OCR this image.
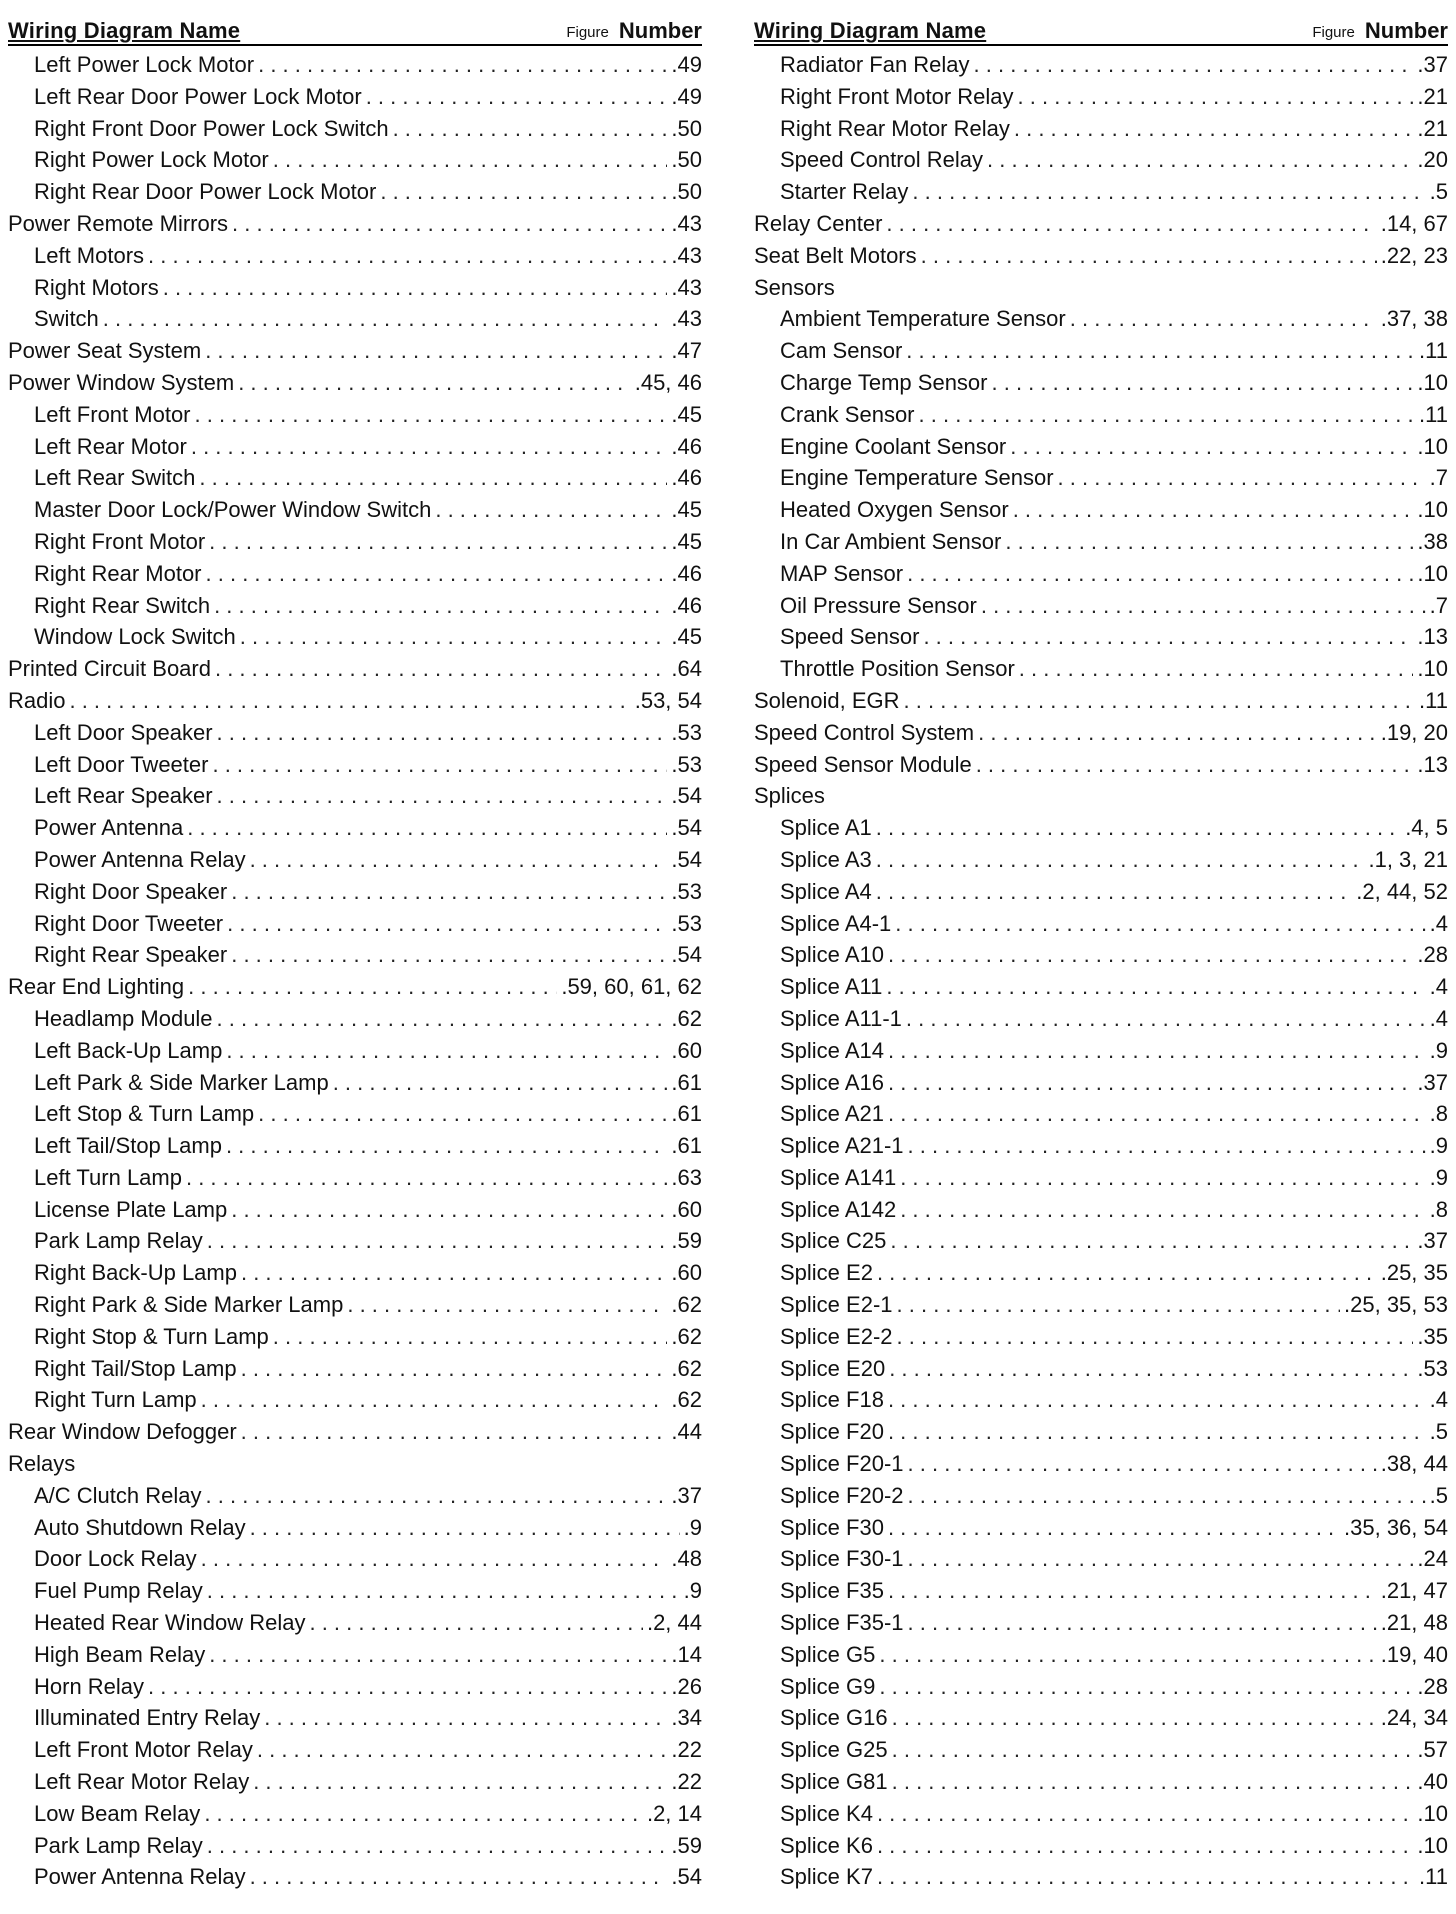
Wiring Diagram Name	Figure Number
Left Power Lock Motor . . .	.49
Left Rear Door Power Lock Motor . . .	.49
Right Front Door Power Lock Switch . . .	.50
Right Power Lock Motor . . .	.50
Right Rear Door Power Lock Motor . . .	.50
Power Remote Mirrors . . .	.43
Left Motors . . .	.43
Right Motors . . .	.43
Switch . . .	.43
Power Seat System . . .	.47
Power Window System . . .	.45, 46
Left Front Motor . . .	.45
Left Rear Motor . . .	.46
Left Rear Switch . . .	.46
Master Door Lock/Power Window Switch . . .	.45
Right Front Motor . . .	.45
Right Rear Motor . . .	.46
Right Rear Switch . . .	.46
Window Lock Switch . . .	.45
Printed Circuit Board . . .	.64
Radio . . .	.53, 54
Left Door Speaker . . .	.53
Left Door Tweeter . . .	.53
Left Rear Speaker . . .	.54
Power Antenna . . .	.54
Power Antenna Relay . . .	.54
Right Door Speaker . . .	.53
Right Door Tweeter . . .	.53
Right Rear Speaker . . .	.54
Rear End Lighting . . .	.59, 60, 61, 62
Headlamp Module . . .	.62
Left Back-Up Lamp . . .	.60
Left Park & Side Marker Lamp . . .	.61
Left Stop & Turn Lamp . . .	.61
Left Tail/Stop Lamp . . .	.61
Left Turn Lamp . . .	.63
License Plate Lamp . . .	.60
Park Lamp Relay . . .	.59
Right Back-Up Lamp . . .	.60
Right Park & Side Marker Lamp . . .	.62
Right Stop & Turn Lamp . . .	.62
Right Tail/Stop Lamp . . .	.62
Right Turn Lamp . . .	.62
Rear Window Defogger . . .	.44
Relays
A/C Clutch Relay . . .	.37
Auto Shutdown Relay . . .	.9
Door Lock Relay . . .	.48
Fuel Pump Relay . . .	.9
Heated Rear Window Relay . . .	.2, 44
High Beam Relay . . .	.14
Horn Relay . . .	.26
Illuminated Entry Relay . . .	.34
Left Front Motor Relay . . .	.22
Left Rear Motor Relay . . .	.22
Low Beam Relay . . .	.2, 14
Park Lamp Relay . . .	.59
Power Antenna Relay . . .	.54
Wiring Diagram Name	Figure Number
Radiator Fan Relay . . .	.37
Right Front Motor Relay . . .	.21
Right Rear Motor Relay . . .	.21
Speed Control Relay . . .	.20
Starter Relay . . .	.5
Relay Center . . .	.14, 67
Seat Belt Motors . . .	.22, 23
Sensors
Ambient Temperature Sensor . . .	.37, 38
Cam Sensor . . .	.11
Charge Temp Sensor . . .	.10
Crank Sensor . . .	.11
Engine Coolant Sensor . . .	.10
Engine Temperature Sensor . . .	.7
Heated Oxygen Sensor . . .	.10
In Car Ambient Sensor . . .	.38
MAP Sensor . . .	.10
Oil Pressure Sensor . . .	.7
Speed Sensor . . .	.13
Throttle Position Sensor . . .	.10
Solenoid, EGR . . .	.11
Speed Control System . . .	.19, 20
Speed Sensor Module . . .	.13
Splices
Splice A1 . . .	.4, 5
Splice A3 . . .	.1, 3, 21
Splice A4 . . .	.2, 44, 52
Splice A4-1 . . .	.4
Splice A10 . . .	.28
Splice A11 . . .	.4
Splice A11-1 . . .	.4
Splice A14 . . .	.9
Splice A16 . . .	.37
Splice A21 . . .	.8
Splice A21-1 . . .	.9
Splice A141 . . .	.9
Splice A142 . . .	.8
Splice C25 . . .	.37
Splice E2 . . .	.25, 35
Splice E2-1 . . .	.25, 35, 53
Splice E2-2 . . .	.35
Splice E20 . . .	.53
Splice F18 . . .	.4
Splice F20 . . .	.5
Splice F20-1 . . .	.38, 44
Splice F20-2 . . .	.5
Splice F30 . . .	.35, 36, 54
Splice F30-1 . . .	.24
Splice F35 . . .	.21, 47
Splice F35-1 . . .	.21, 48
Splice G5 . . .	.19, 40
Splice G9 . . .	.28
Splice G16 . . .	.24, 34
Splice G25 . . .	.57
Splice G81 . . .	.40
Splice K4 . . .	.10
Splice K6 . . .	.10
Splice K7 . . .	.11
